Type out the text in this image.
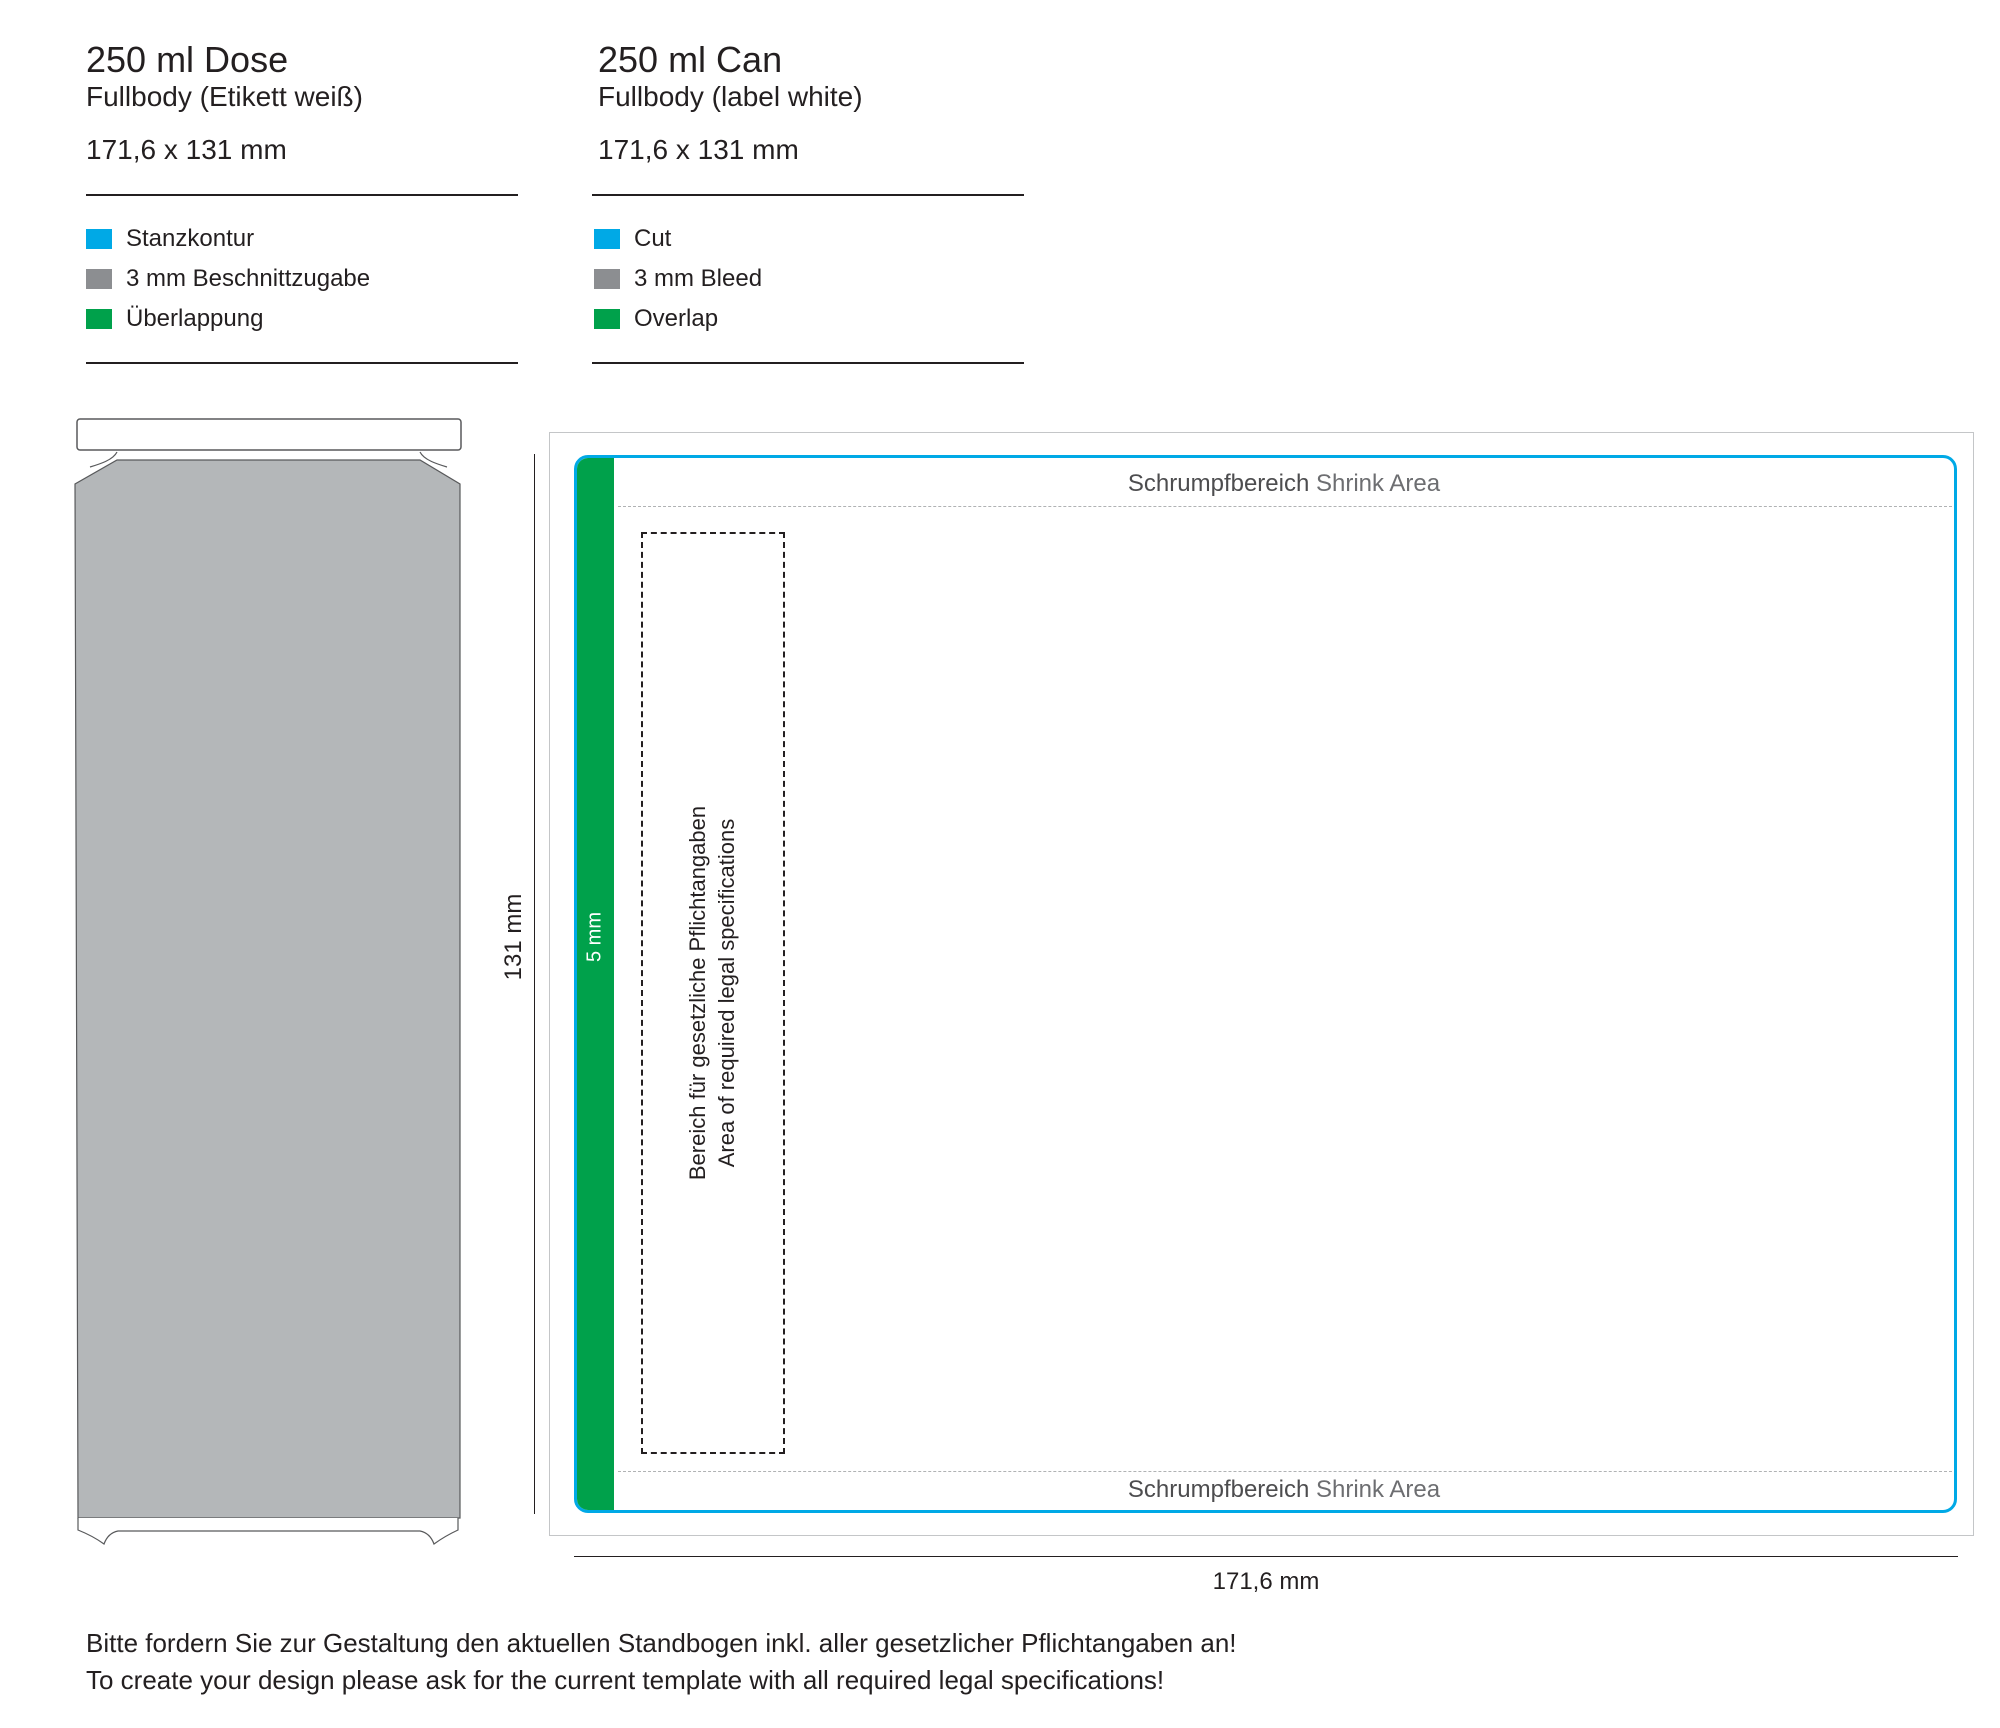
250 ml Dose
Fullbody (Etikett weiß)
171,6 x 131 mm
Stanzkontur
3 mm Beschnittzugabe
Überlappung
250 ml Can
Fullbody (label white)
171,6 x 131 mm
Cut
3 mm Bleed
Overlap
131 mm	5 mm
Schrumpfbereich Shrink Area
Schrumpfbereich Shrink Area
Bereich für gesetzliche Pflichtangaben Area of required legal specifications
171,6 mm
Bitte fordern Sie zur Gestaltung den aktuellen Standbogen inkl. aller gesetzlicher Pflichtangaben an!
To create your design please ask for the current template with all required legal specifications!
